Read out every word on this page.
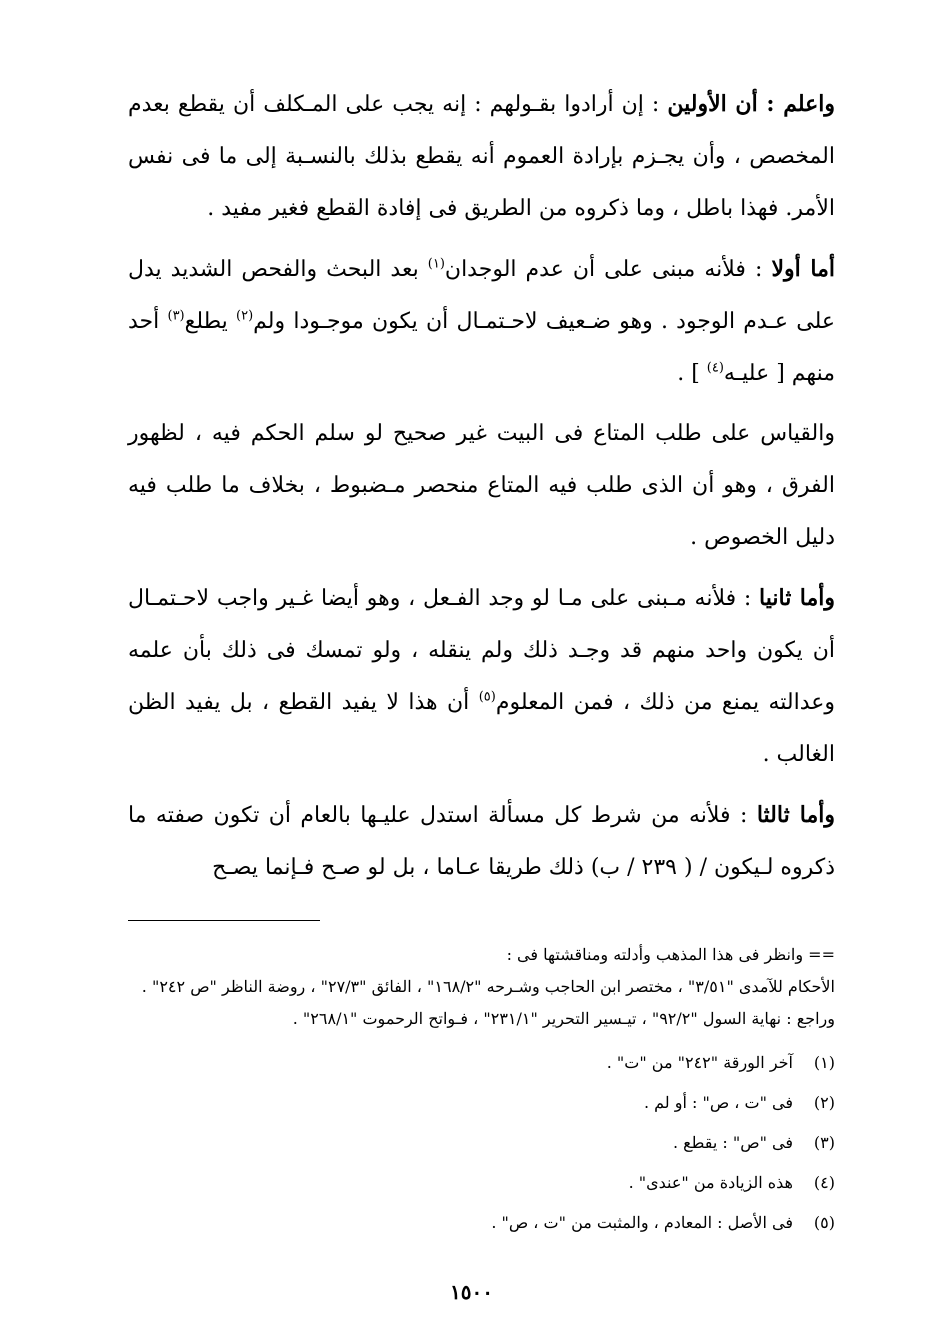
واعلم : أن الأولين : إن أرادوا بقـولهم : إنه يجب على المـكلف أن يقطع بعدم المخصص ، وأن يجـزم بإرادة العموم أنه يقطع بذلك بالنسـبة إلى ما فى نفس الأمر. فهذا باطل ، وما ذكروه من الطريق فى إفادة القطع فغير مفيد .

أما أولا : فلأنه مبنى على أن عدم الوجدان$^{(١)}$ بعد البحث والفحص الشديد يدل على عـدم الوجود . وهو ضـعيف لاحـتمـال أن يكون موجـودا ولم$^{(٢)}$ يطلع$^{(٣)}$ أحد منهم [ عليـه$^{(٤)}$ ] .

والقياس على طلب المتاع فى البيت غير صحيح لو سلم الحكم فيه ، لظهور الفرق ، وهو أن الذى طلب فيه المتاع منحصر مـضبوط ، بخلاف ما طلب فيه دليل الخصوص .

وأما ثانيا : فلأنه مـبنى على مـا لو وجد الفـعل ، وهو أيضا غـير واجب لاحـتمـال أن يكون واحد منهم قد وجـد ذلك ولم ينقله ، ولو تمسك فى ذلك بأن علمه وعدالته يمنع من ذلك ، فمن المعلوم$^{(٥)}$ أن هذا لا يفيد القطع ، بل يفيد الظن الغالب .

وأما ثالثا : فلأنه من شرط كل مسألة استدل عليـها بالعام أن تكون صفته ما ذكروه لـيكون / ( ٢٣٩ / ب) ذلك طريقا عـاما ، بل لو صـح فـإنما يصـح

== وانظر فى هذا المذهب وأدلته ومناقشتها فى :

الأحكام للآمدى "٣/٥١" ، مختصر ابن الحاجب وشـرحه "١٦٨/٢" ، الفائق "٢٧/٣" ، روضة الناظر "ص ٢٤٢" .

وراجع : نهاية السول "٩٢/٢" ، تيـسير التحرير "٢٣١/١" ، فـواتح الرحموت "٢٦٨/١" .

(١)
آخر الورقة "٢٤٢" من "ت" .
(٢)
فى "ت ، ص" : أو لم .
(٣)
فى "ص" : يقطع .
(٤)
هذه الزيادة من "عندى" .
(٥)
فى الأصل : المعادم ، والمثبت من "ت ، ص" .
١٥٠٠
